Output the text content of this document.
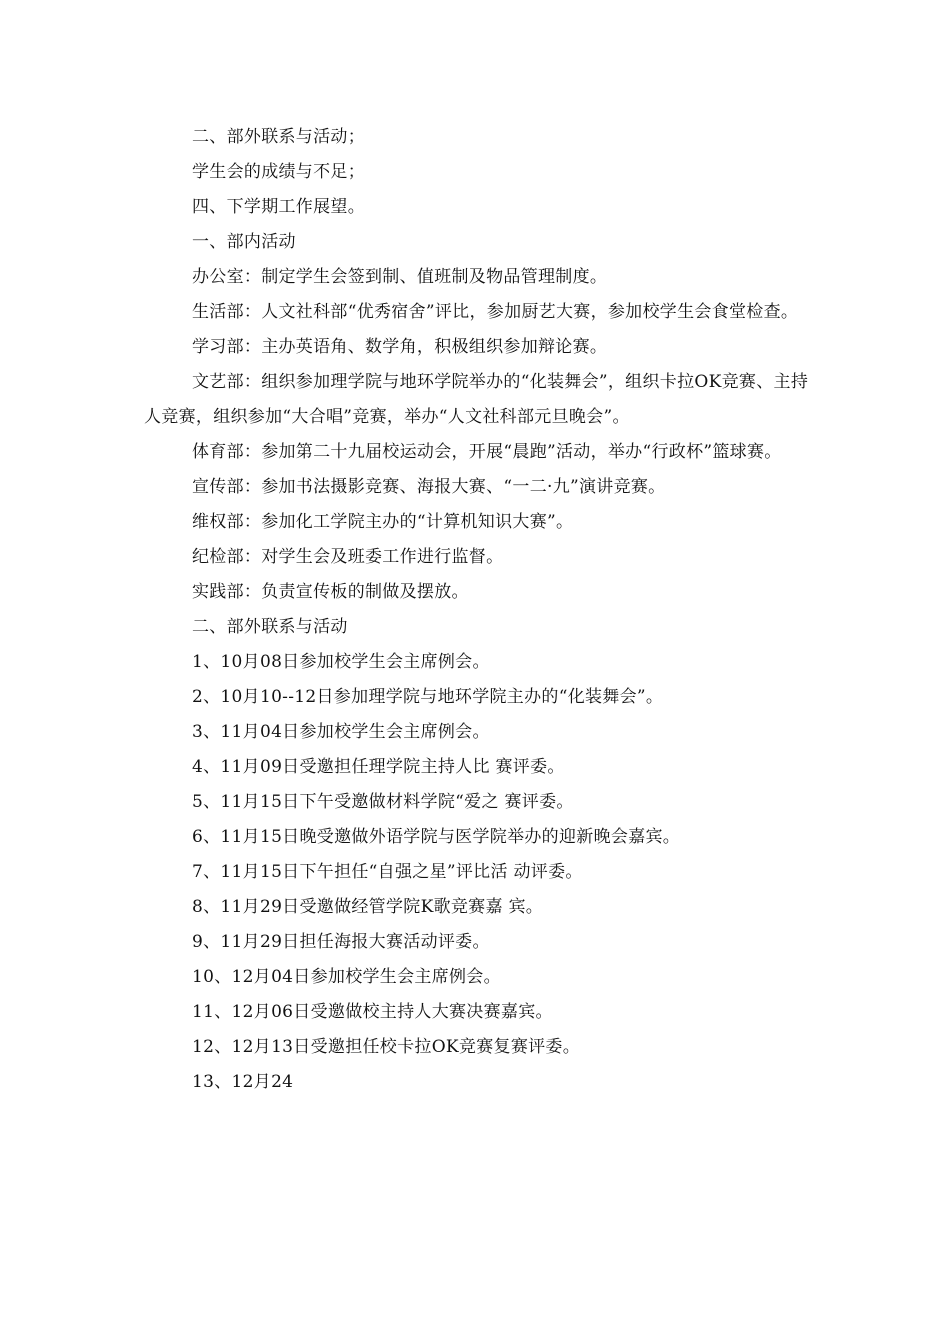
二、部外联系与活动；

学生会的成绩与不足；

四、下学期工作展望。

一、部内活动

办公室：制定学生会签到制、值班制及物品管理制度。

生活部：人文社科部“优秀宿舍”评比，参加厨艺大赛，参加校学生会食堂检查。

学习部：主办英语角、数学角，积极组织参加辩论赛。

文艺部：组织参加理学院与地环学院举办的“化装舞会”，组织卡拉OK竞赛、主持人竞赛，组织参加“大合唱”竞赛，举办“人文社科部元旦晚会”。

体育部：参加第二十九届校运动会，开展“晨跑”活动，举办“行政杯”篮球赛。

宣传部：参加书法摄影竞赛、海报大赛、“一二·九”演讲竞赛。

维权部：参加化工学院主办的“计算机知识大赛”。

纪检部：对学生会及班委工作进行监督。

实践部：负责宣传板的制做及摆放。

二、部外联系与活动

1、10月08日参加校学生会主席例会。

2、10月10--12日参加理学院与地环学院主办的“化装舞会”。

3、11月04日参加校学生会主席例会。

4、11月09日受邀担任理学院主持人比 赛评委。

5、11月15日下午受邀做材料学院“爱之 赛评委。

6、11月15日晚受邀做外语学院与医学院举办的迎新晚会嘉宾。

7、11月15日下午担任“自强之星”评比活 动评委。

8、11月29日受邀做经管学院K歌竞赛嘉 宾。

9、11月29日担任海报大赛活动评委。

10、12月04日参加校学生会主席例会。

11、12月06日受邀做校主持人大赛决赛嘉宾。

12、12月13日受邀担任校卡拉OK竞赛复赛评委。

13、12月24
